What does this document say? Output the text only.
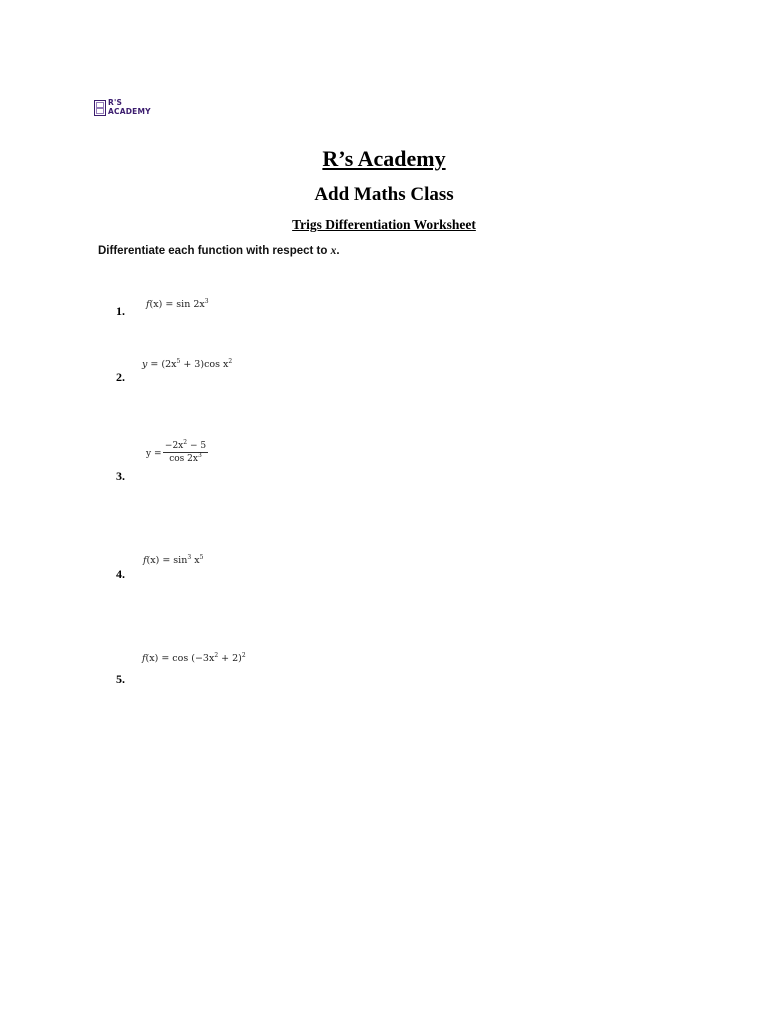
R'S
ACADEMY
R’s Academy
Add Maths Class
Trigs Differentiation Worksheet
Differentiate each function with respect to x.
1. $f(x) = \sin 2x^3$
2.
$y = (2x^5 + 3)\cos$ $x^2$
3.
y =
$-2x^2 - 5$
$\cos 2x^3$
4.
$f(x) = \sin^3 x^5$
5.
$f(x) = \cos (-3x^2 + 2)^2$
